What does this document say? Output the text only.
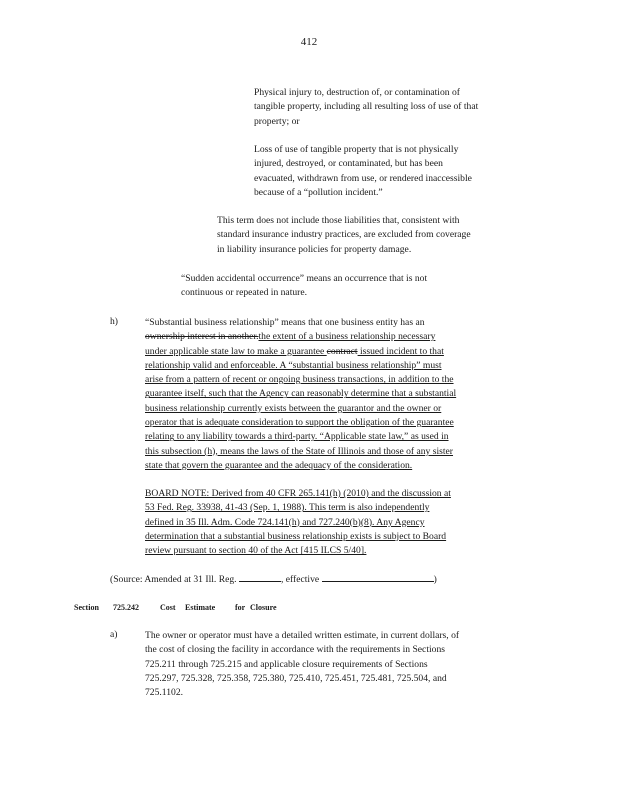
412
Physical injury to, destruction of, or contamination of
tangible property, including all resulting loss of use of that
property; or
Loss of use of tangible property that is not physically
injured, destroyed, or contaminated, but has been
evacuated, withdrawn from use, or rendered inaccessible
because of a “pollution incident.”
This term does not include those liabilities that, consistent with
standard insurance industry practices, are excluded from coverage
in liability insurance policies for property damage.
“Sudden accidental occurrence” means an occurrence that is not
continuous or repeated in nature.
h)	“Substantial business relationship” means that one business entity has an
ownership interest in another.the extent of a business relationship necessary
under applicable state law to make a guarantee contract issued incident to that
relationship valid and enforceable. A “substantial business relationship” must
arise from a pattern of recent or ongoing business transactions, in addition to the
guarantee itself, such that the Agency can reasonably determine that a substantial
business relationship currently exists between the guarantor and the owner or
operator that is adequate consideration to support the obligation of the guarantee
relating to any liability towards a third-party. “Applicable state law,” as used in
this subsection (h), means the laws of the State of Illinois and those of any sister
state that govern the guarantee and the adequacy of the consideration.
BOARD NOTE: Derived from 40 CFR 265.141(h) (2010) and the discussion at
53 Fed. Reg. 33938, 41-43 (Sep. 1, 1988). This term is also independently
defined in 35 Ill. Adm. Code 724.141(h) and 727.240(b)(8). Any Agency
determination that a substantial business relationship exists is subject to Board
review pursuant to section 40 of the Act [415 ILCS 5/40].
(Source: Amended at 31 Ill. Reg.	, effective	)
Section 725.242	Cost Estimate for Closure
a)	The owner or operator must have a detailed written estimate, in current dollars, of
the cost of closing the facility in accordance with the requirements in Sections
725.211 through 725.215 and applicable closure requirements of Sections
725.297, 725.328, 725.358, 725.380, 725.410, 725.451, 725.481, 725.504, and
725.1102.
